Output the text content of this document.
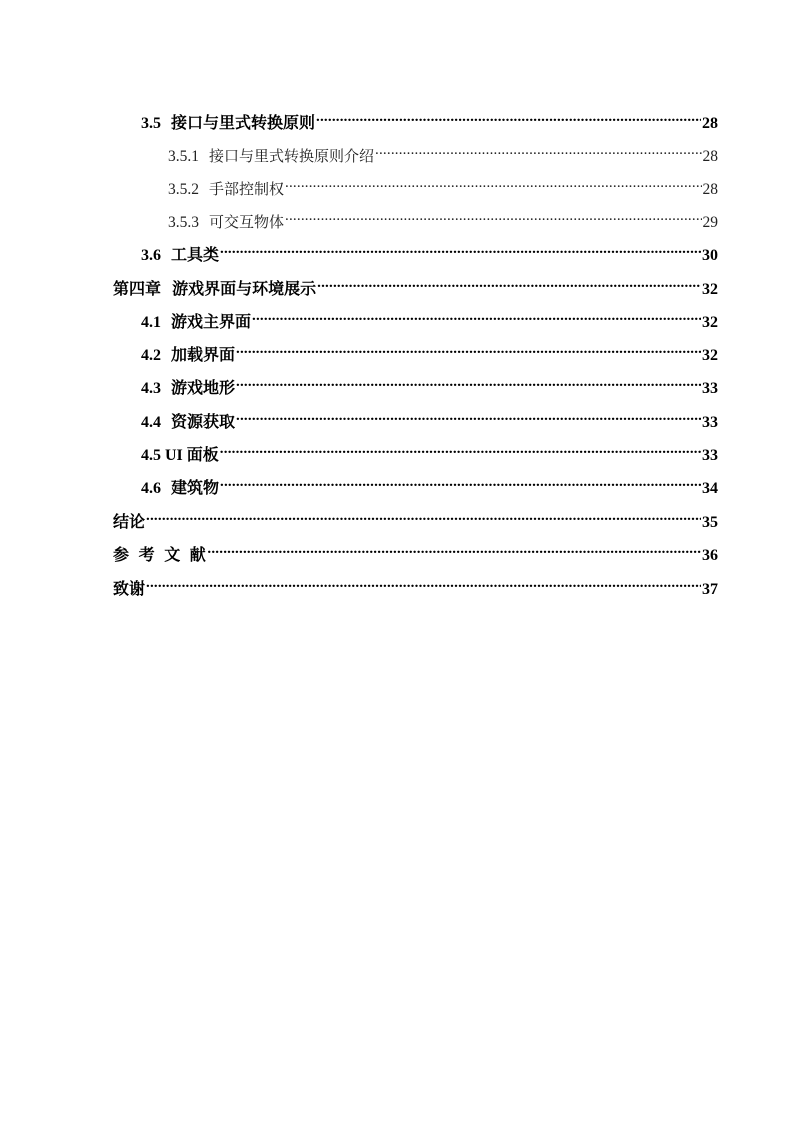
3.5 接口与里式转换原则 .....	28
3.5.1 接口与里式转换原则介绍 .....	28
3.5.2 手部控制权 .....	28
3.5.3 可交互物体 .....	29
3.6 工具类 .....	30
第四章  游戏界面与环境展示 .....	32
4.1 游戏主界面 .....	32
4.2 加载界面 .....	32
4.3 游戏地形 .....	33
4.4 资源获取 .....	33
4.5 UI 面板 .....	33
4.6 建筑物 .....	34
结论 .....	35
参考文献 .....	36
致谢 .....	37
